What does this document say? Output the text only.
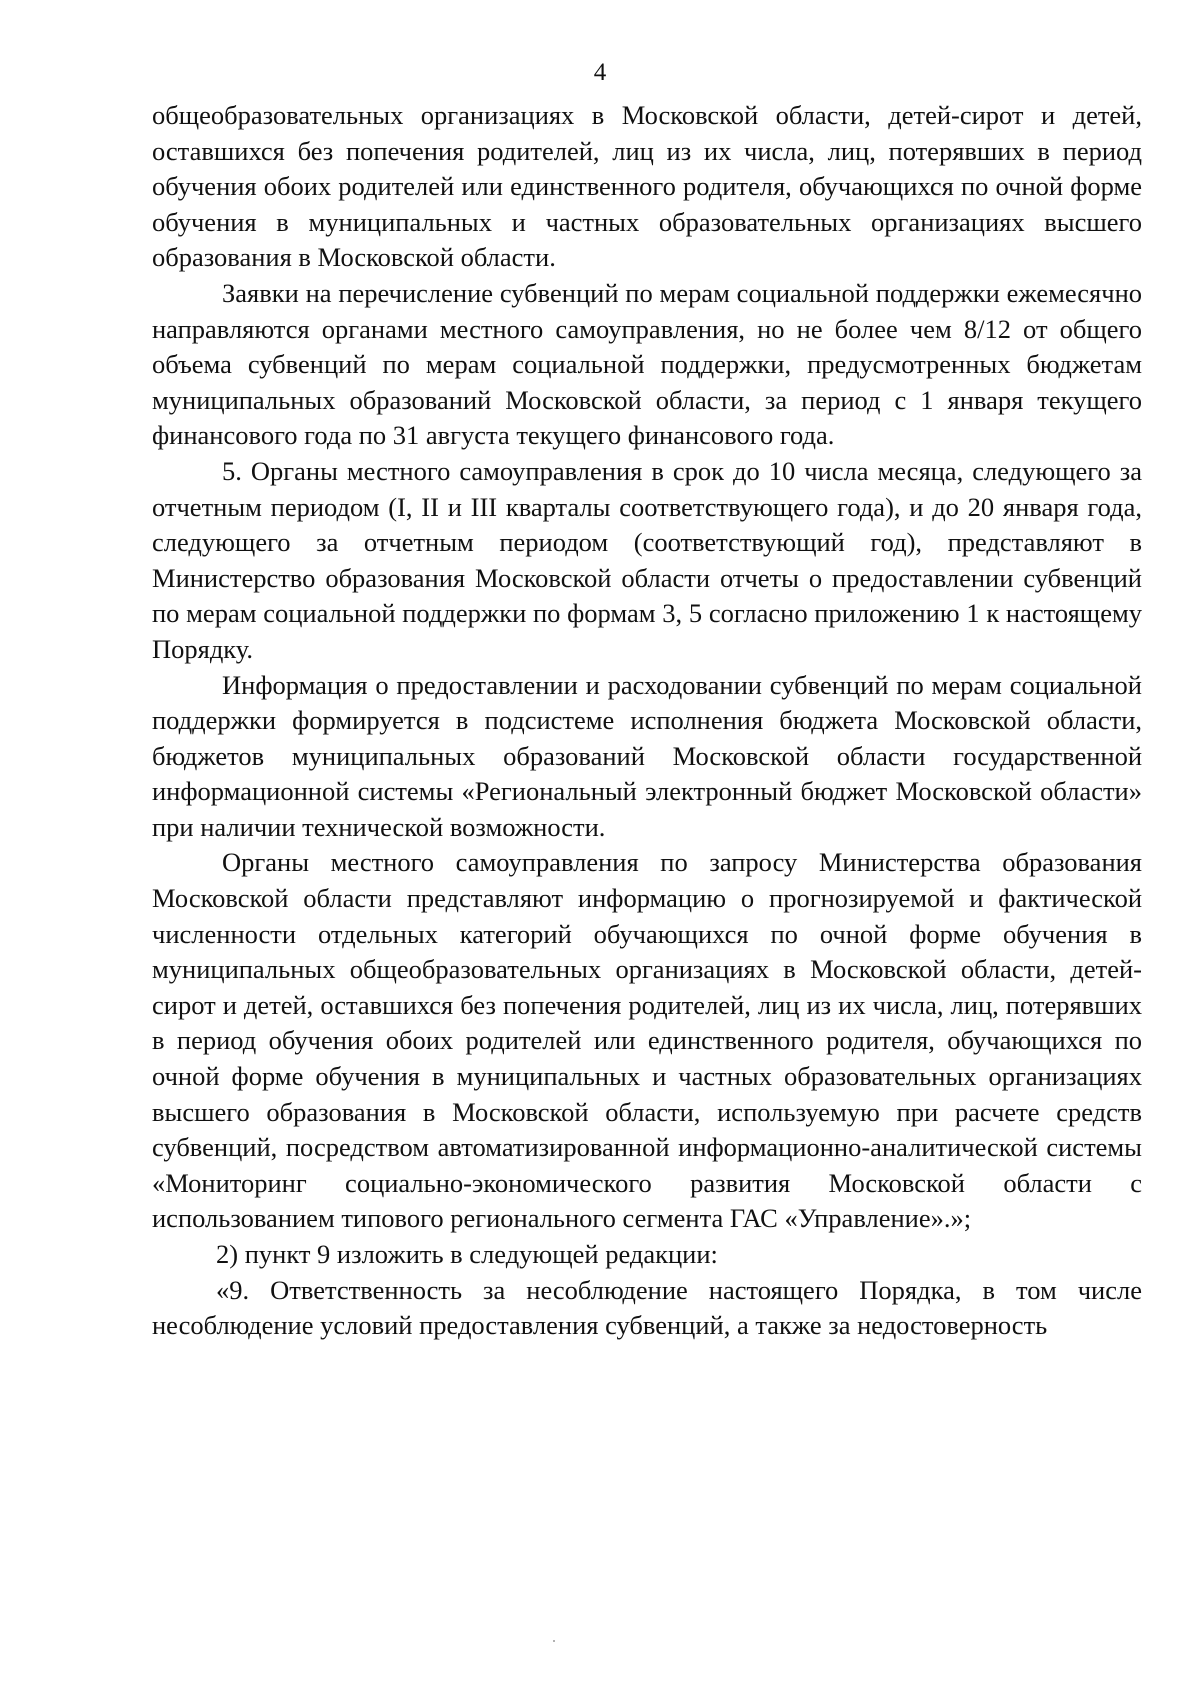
4

общеобразовательных организациях в Московской области, детей-сирот и детей, оставшихся без попечения родителей, лиц из их числа, лиц, потерявших в период обучения обоих родителей или единственного родителя, обучающихся по очной форме обучения в муниципальных и частных образовательных организациях высшего образования в Московской области.

Заявки на перечисление субвенций по мерам социальной поддержки ежемесячно направляются органами местного самоуправления, но не более чем 8/12 от общего объема субвенций по мерам социальной поддержки, предусмотренных бюджетам муниципальных образований Московской области, за период с 1 января текущего финансового года по 31 августа текущего финансового года.

5. Органы местного самоуправления в срок до 10 числа месяца, следующего за отчетным периодом (I, II и III кварталы соответствующего года), и до 20 января года, следующего за отчетным периодом (соответствующий год), представляют в Министерство образования Московской области отчеты о предоставлении субвенций по мерам социальной поддержки по формам 3, 5 согласно приложению 1 к настоящему Порядку.

Информация о предоставлении и расходовании субвенций по мерам социальной поддержки формируется в подсистеме исполнения бюджета Московской области, бюджетов муниципальных образований Московской области государственной информационной системы «Региональный электронный бюджет Московской области» при наличии технической возможности.

Органы местного самоуправления по запросу Министерства образования Московской области представляют информацию о прогнозируемой и фактической численности отдельных категорий обучающихся по очной форме обучения в муниципальных общеобразовательных организациях в Московской области, детей-сирот и детей, оставшихся без попечения родителей, лиц из их числа, лиц, потерявших в период обучения обоих родителей или единственного родителя, обучающихся по очной форме обучения в муниципальных и частных образовательных организациях высшего образования в Московской области, используемую при расчете средств субвенций, посредством автоматизированной информационно-аналитической системы «Мониторинг социально-экономического развития Московской области с использованием типового регионального сегмента ГАС «Управление».»;

2) пункт 9 изложить в следующей редакции:

«9. Ответственность за несоблюдение настоящего Порядка, в том числе несоблюдение условий предоставления субвенций, а также за недостоверность
